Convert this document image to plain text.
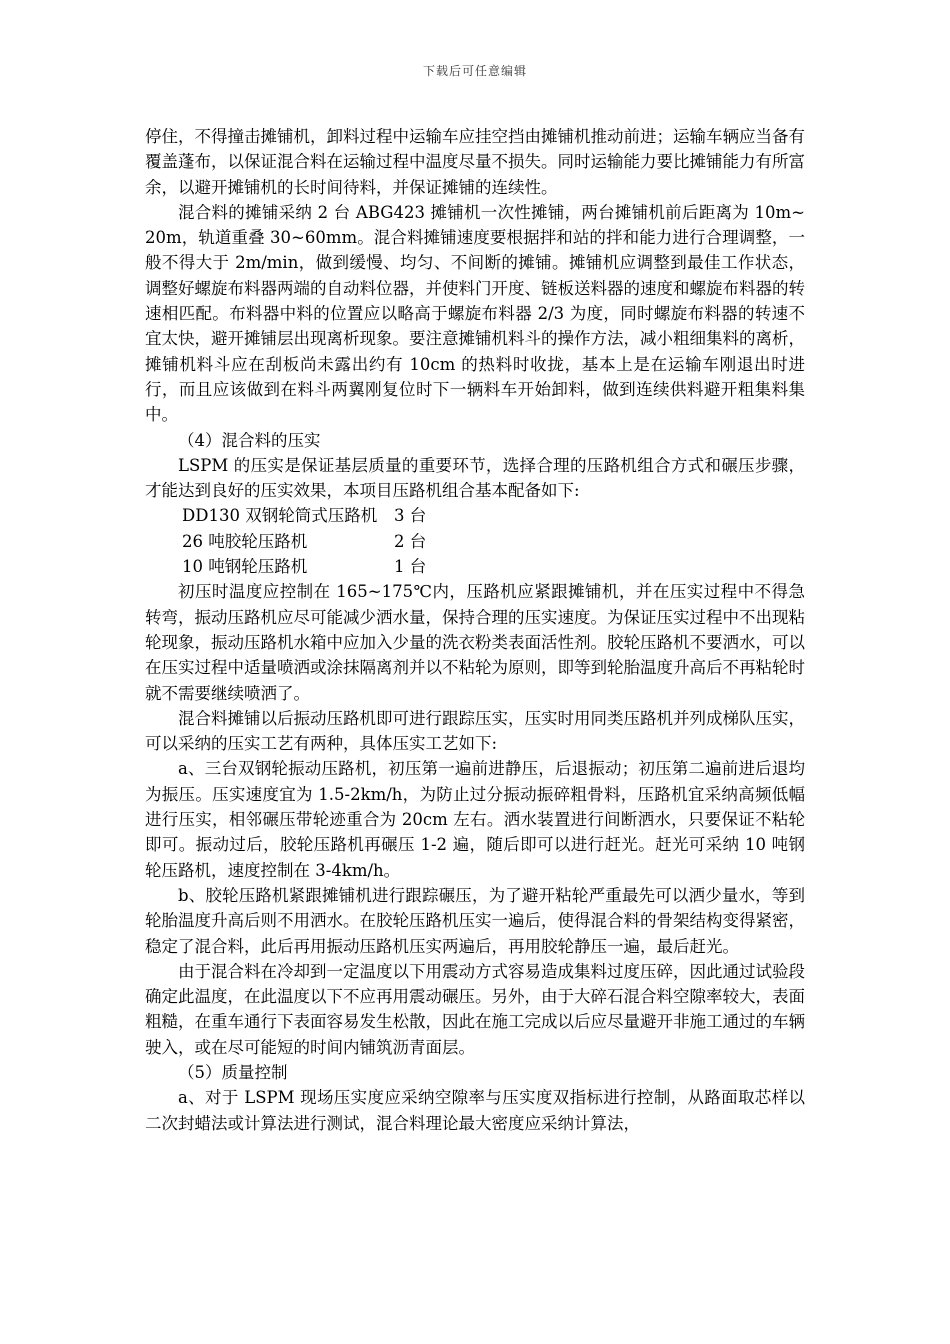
下载后可任意编辑

停住，不得撞击摊铺机，卸料过程中运输车应挂空挡由摊铺机推动前进；运输车辆应当备有覆盖蓬布，以保证混合料在运输过程中温度尽量不损失。同时运输能力要比摊铺能力有所富余，以避开摊铺机的长时间待料，并保证摊铺的连续性。

混合料的摊铺采纳 2 台 ABG423 摊铺机一次性摊铺，两台摊铺机前后距离为 10m~20m，轨道重叠 30~60mm。混合料摊铺速度要根据拌和站的拌和能力进行合理调整，一般不得大于 2m/min，做到缓慢、均匀、不间断的摊铺。摊铺机应调整到最佳工作状态，调整好螺旋布料器两端的自动料位器，并使料门开度、链板送料器的速度和螺旋布料器的转速相匹配。布料器中料的位置应以略高于螺旋布料器 2/3 为度，同时螺旋布料器的转速不宜太快，避开摊铺层出现离析现象。要注意摊铺机料斗的操作方法，减小粗细集料的离析，摊铺机料斗应在刮板尚未露出约有 10cm 的热料时收拢，基本上是在运输车刚退出时进行，而且应该做到在料斗两翼刚复位时下一辆料车开始卸料，做到连续供料避开粗集料集中。

（4）混合料的压实

LSPM 的压实是保证基层质量的重要环节，选择合理的压路机组合方式和碾压步骤，才能达到良好的压实效果，本项目压路机组合基本配备如下:

DD130 双钢轮筒式压路机	3 台
26 吨胶轮压路机	2 台
10 吨钢轮压路机	1 台

初压时温度应控制在 165~175℃内，压路机应紧跟摊铺机，并在压实过程中不得急转弯，振动压路机应尽可能减少洒水量，保持合理的压实速度。为保证压实过程中不出现粘轮现象，振动压路机水箱中应加入少量的洗衣粉类表面活性剂。胶轮压路机不要洒水，可以在压实过程中适量喷洒或涂抹隔离剂并以不粘轮为原则，即等到轮胎温度升高后不再粘轮时就不需要继续喷洒了。

混合料摊铺以后振动压路机即可进行跟踪压实，压实时用同类压路机并列成梯队压实，可以采纳的压实工艺有两种，具体压实工艺如下:

a、三台双钢轮振动压路机，初压第一遍前进静压，后退振动；初压第二遍前进后退均为振压。压实速度宜为 1.5-2km/h，为防止过分振动振碎粗骨料，压路机宜采纳高频低幅进行压实，相邻碾压带轮迹重合为 20cm 左右。洒水装置进行间断洒水，只要保证不粘轮即可。振动过后，胶轮压路机再碾压 1-2 遍，随后即可以进行赶光。赶光可采纳 10 吨钢轮压路机，速度控制在 3-4km/h。

b、胶轮压路机紧跟摊铺机进行跟踪碾压，为了避开粘轮严重最先可以洒少量水，等到轮胎温度升高后则不用洒水。在胶轮压路机压实一遍后，使得混合料的骨架结构变得紧密，稳定了混合料，此后再用振动压路机压实两遍后，再用胶轮静压一遍，最后赶光。

由于混合料在冷却到一定温度以下用震动方式容易造成集料过度压碎，因此通过试验段确定此温度，在此温度以下不应再用震动碾压。另外，由于大碎石混合料空隙率较大，表面粗糙，在重车通行下表面容易发生松散，因此在施工完成以后应尽量避开非施工通过的车辆驶入，或在尽可能短的时间内铺筑沥青面层。

（5）质量控制

a、对于 LSPM 现场压实度应采纳空隙率与压实度双指标进行控制，从路面取芯样以二次封蜡法或计算法进行测试，混合料理论最大密度应采纳计算法，
